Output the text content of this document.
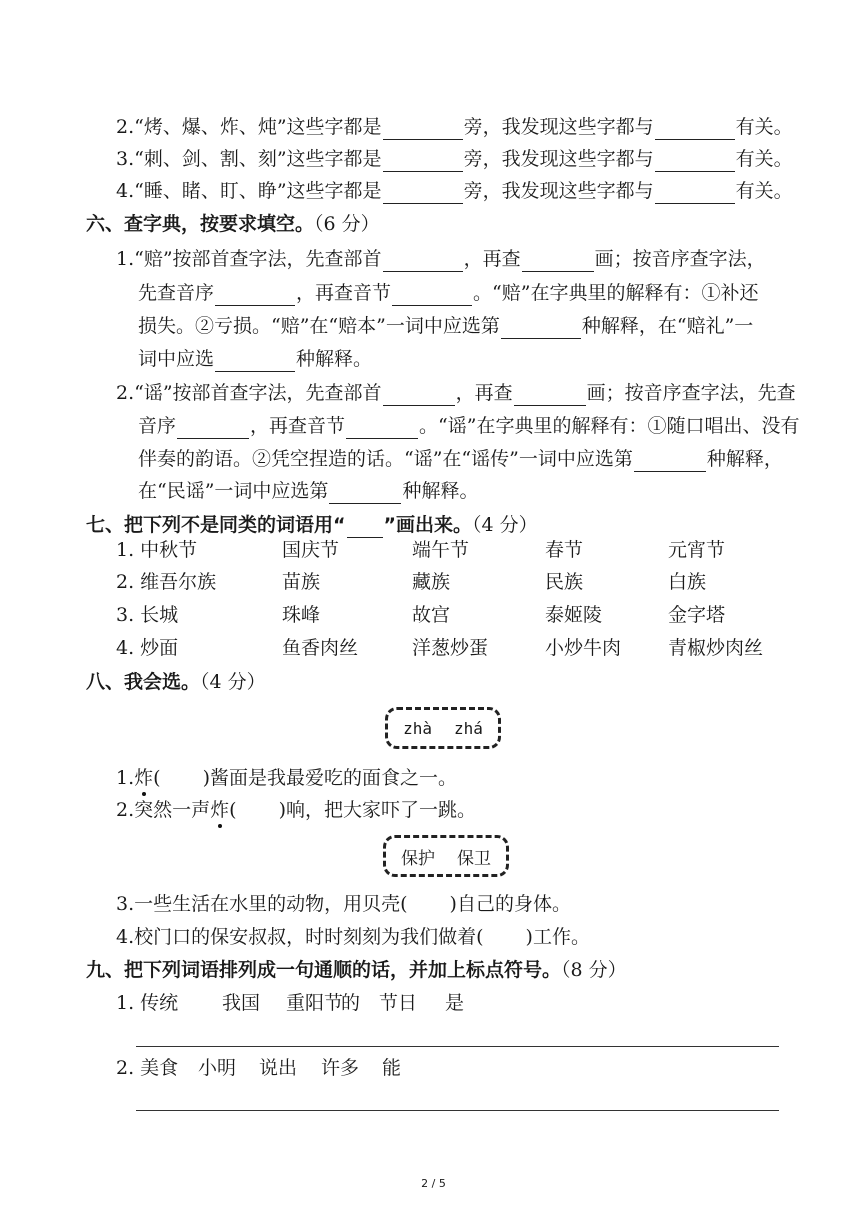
2.“烤、爆、炸、炖”这些字都是	旁，我发现这些字都与	有关。
3.“刺、剑、割、刻”这些字都是	旁，我发现这些字都与	有关。
4.“睡、睹、盯、睁”这些字都是	旁，我发现这些字都与	有关。
六、查字典，按要求填空。（6 分）
1.“赔”按部首查字法，先查部首	，再查	画；按音序查字法，
先查音序	，再查音节	。“赔”在字典里的解释有：①补还
损失。②亏损。“赔”在“赔本”一词中应选第	种解释，在“赔礼”一
词中应选	种解释。
2.“谣”按部首查字法，先查部首	，再查	画；按音序查字法，先查
音序	，再查音节	。“谣”在字典里的解释有：①随口唱出、没有
伴奏的韵语。②凭空捏造的话。“谣”在“谣传”一词中应选第	种解释，
在“民谣”一词中应选第	种解释。
七、把下列不是同类的词语用“ ”画出来。（4 分）
1. 中秋节	国庆节	端午节	春节	元宵节
2. 维吾尔族	苗族	藏族	民族	白族
3. 长城	珠峰	故宫	泰姬陵	金字塔
4. 炒面	鱼香肉丝	洋葱炒蛋	小炒牛肉 青椒炒肉丝
八、我会选。（4 分）
zhà zhá
1.炸( )酱面是我最爱吃的面食之一。
2.突然一声炸( )响，把大家吓了一跳。
保护 保卫
3.一些生活在水里的动物，用贝壳( )自己的身体。
4.校门口的保安叔叔，时时刻刻为我们做着( )工作。
九、把下列词语排列成一句通顺的话，并加上标点符号。（8 分）
1. 传统 我国 重阳节
的 节日 是
2. 美食 小明 说出 许多 能
2 / 5
